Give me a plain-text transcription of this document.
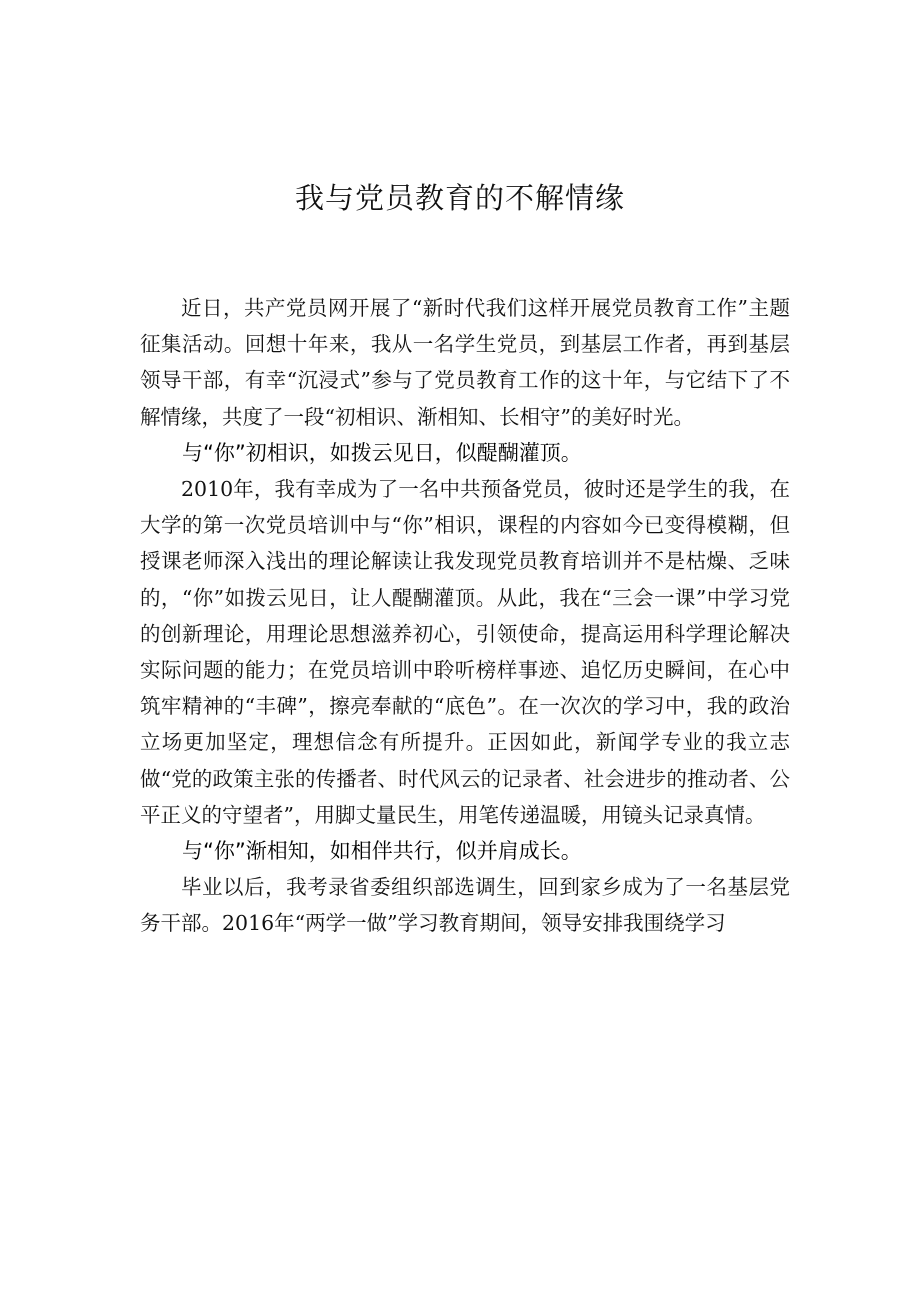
我与党员教育的不解情缘

近日，共产党员网开展了“新时代我们这样开展党员教育工作”主题征集活动。回想十年来，我从一名学生党员，到基层工作者，再到基层领导干部，有幸“沉浸式”参与了党员教育工作的这十年，与它结下了不解情缘，共度了一段“初相识、渐相知、长相守”的美好时光。

与“你”初相识，如拨云见日，似醍醐灌顶。

2010年，我有幸成为了一名中共预备党员，彼时还是学生的我，在大学的第一次党员培训中与“你”相识，课程的内容如今已变得模糊，但授课老师深入浅出的理论解读让我发现党员教育培训并不是枯燥、乏味的，“你”如拨云见日，让人醍醐灌顶。从此，我在“三会一课”中学习党的创新理论，用理论思想滋养初心，引领使命，提高运用科学理论解决实际问题的能力；在党员培训中聆听榜样事迹、追忆历史瞬间，在心中筑牢精神的“丰碑”，擦亮奉献的“底色”。在一次次的学习中，我的政治立场更加坚定，理想信念有所提升。正因如此，新闻学专业的我立志做“党的政策主张的传播者、时代风云的记录者、社会进步的推动者、公平正义的守望者”，用脚丈量民生，用笔传递温暖，用镜头记录真情。

与“你”渐相知，如相伴共行，似并肩成长。

毕业以后，我考录省委组织部选调生，回到家乡成为了一名基层党务干部。2016年“两学一做”学习教育期间，领导安排我围绕学习
